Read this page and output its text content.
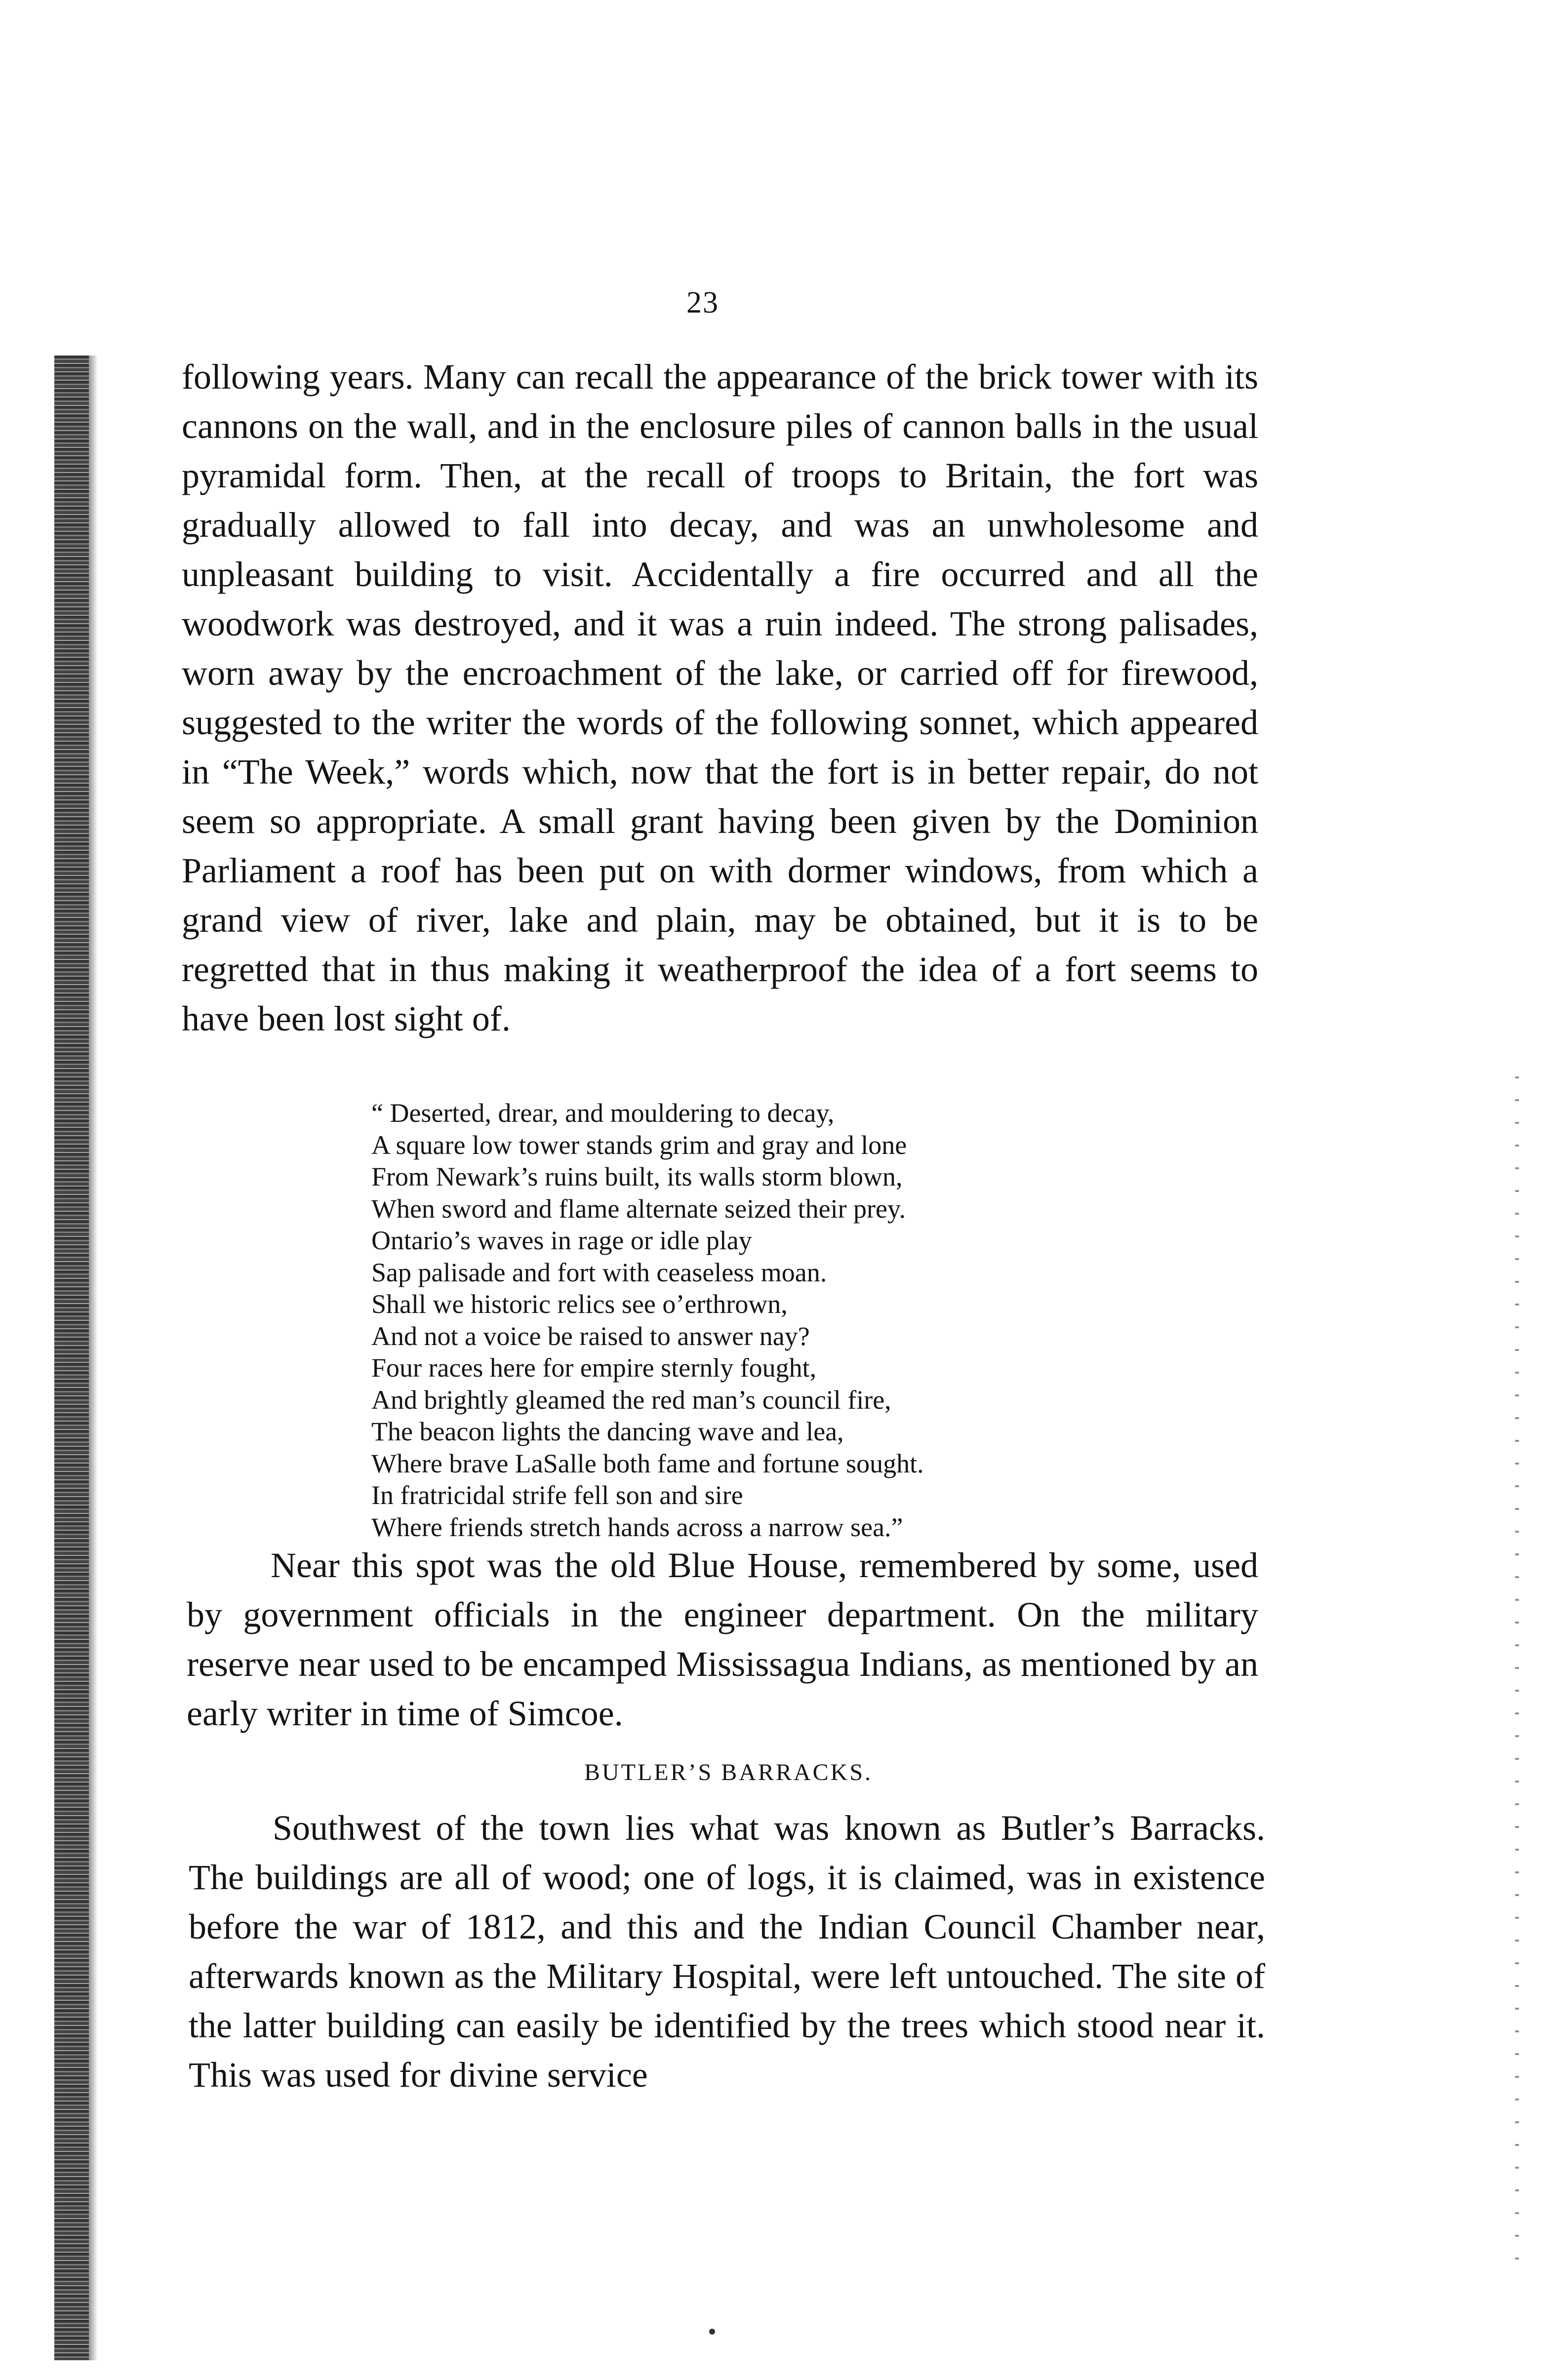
23

following years. Many can recall the appearance of the brick tower with its cannons on the wall, and in the enclosure piles of cannon balls in the usual pyramidal form. Then, at the recall of troops to Britain, the fort was gradually allowed to fall into decay, and was an unwholesome and unpleasant building to visit. Accidentally a fire occurred and all the woodwork was destroyed, and it was a ruin indeed. The strong palisades, worn away by the encroachment of the lake, or carried off for firewood, suggested to the writer the words of the following sonnet, which appeared in “The Week,” words which, now that the fort is in better repair, do not seem so appropriate. A small grant having been given by the Dominion Parliament a roof has been put on with dormer windows, from which a grand view of river, lake and plain, may be obtained, but it is to be regretted that in thus making it weatherproof the idea of a fort seems to have been lost sight of.

“ Deserted, drear, and mouldering to decay,
A square low tower stands grim and gray and lone
From Newark’s ruins built, its walls storm blown,
When sword and flame alternate seized their prey.
Ontario’s waves in rage or idle play
Sap palisade and fort with ceaseless moan.
Shall we historic relics see o’erthrown,
And not a voice be raised to answer nay?
Four races here for empire sternly fought,
And brightly gleamed the red man’s council fire,
The beacon lights the dancing wave and lea,
Where brave LaSalle both fame and fortune sought.
In fratricidal strife fell son and sire
Where friends stretch hands across a narrow sea.”

Near this spot was the old Blue House, remembered by some, used by government officials in the engineer department. On the military reserve near used to be encamped Mississagua Indians, as mentioned by an early writer in time of Simcoe.

BUTLER’S BARRACKS.

Southwest of the town lies what was known as Butler’s Barracks. The buildings are all of wood; one of logs, it is claimed, was in existence before the war of 1812, and this and the Indian Council Chamber near, afterwards known as the Military Hospital, were left untouched. The site of the latter building can easily be identified by the trees which stood near it. This was used for divine service
